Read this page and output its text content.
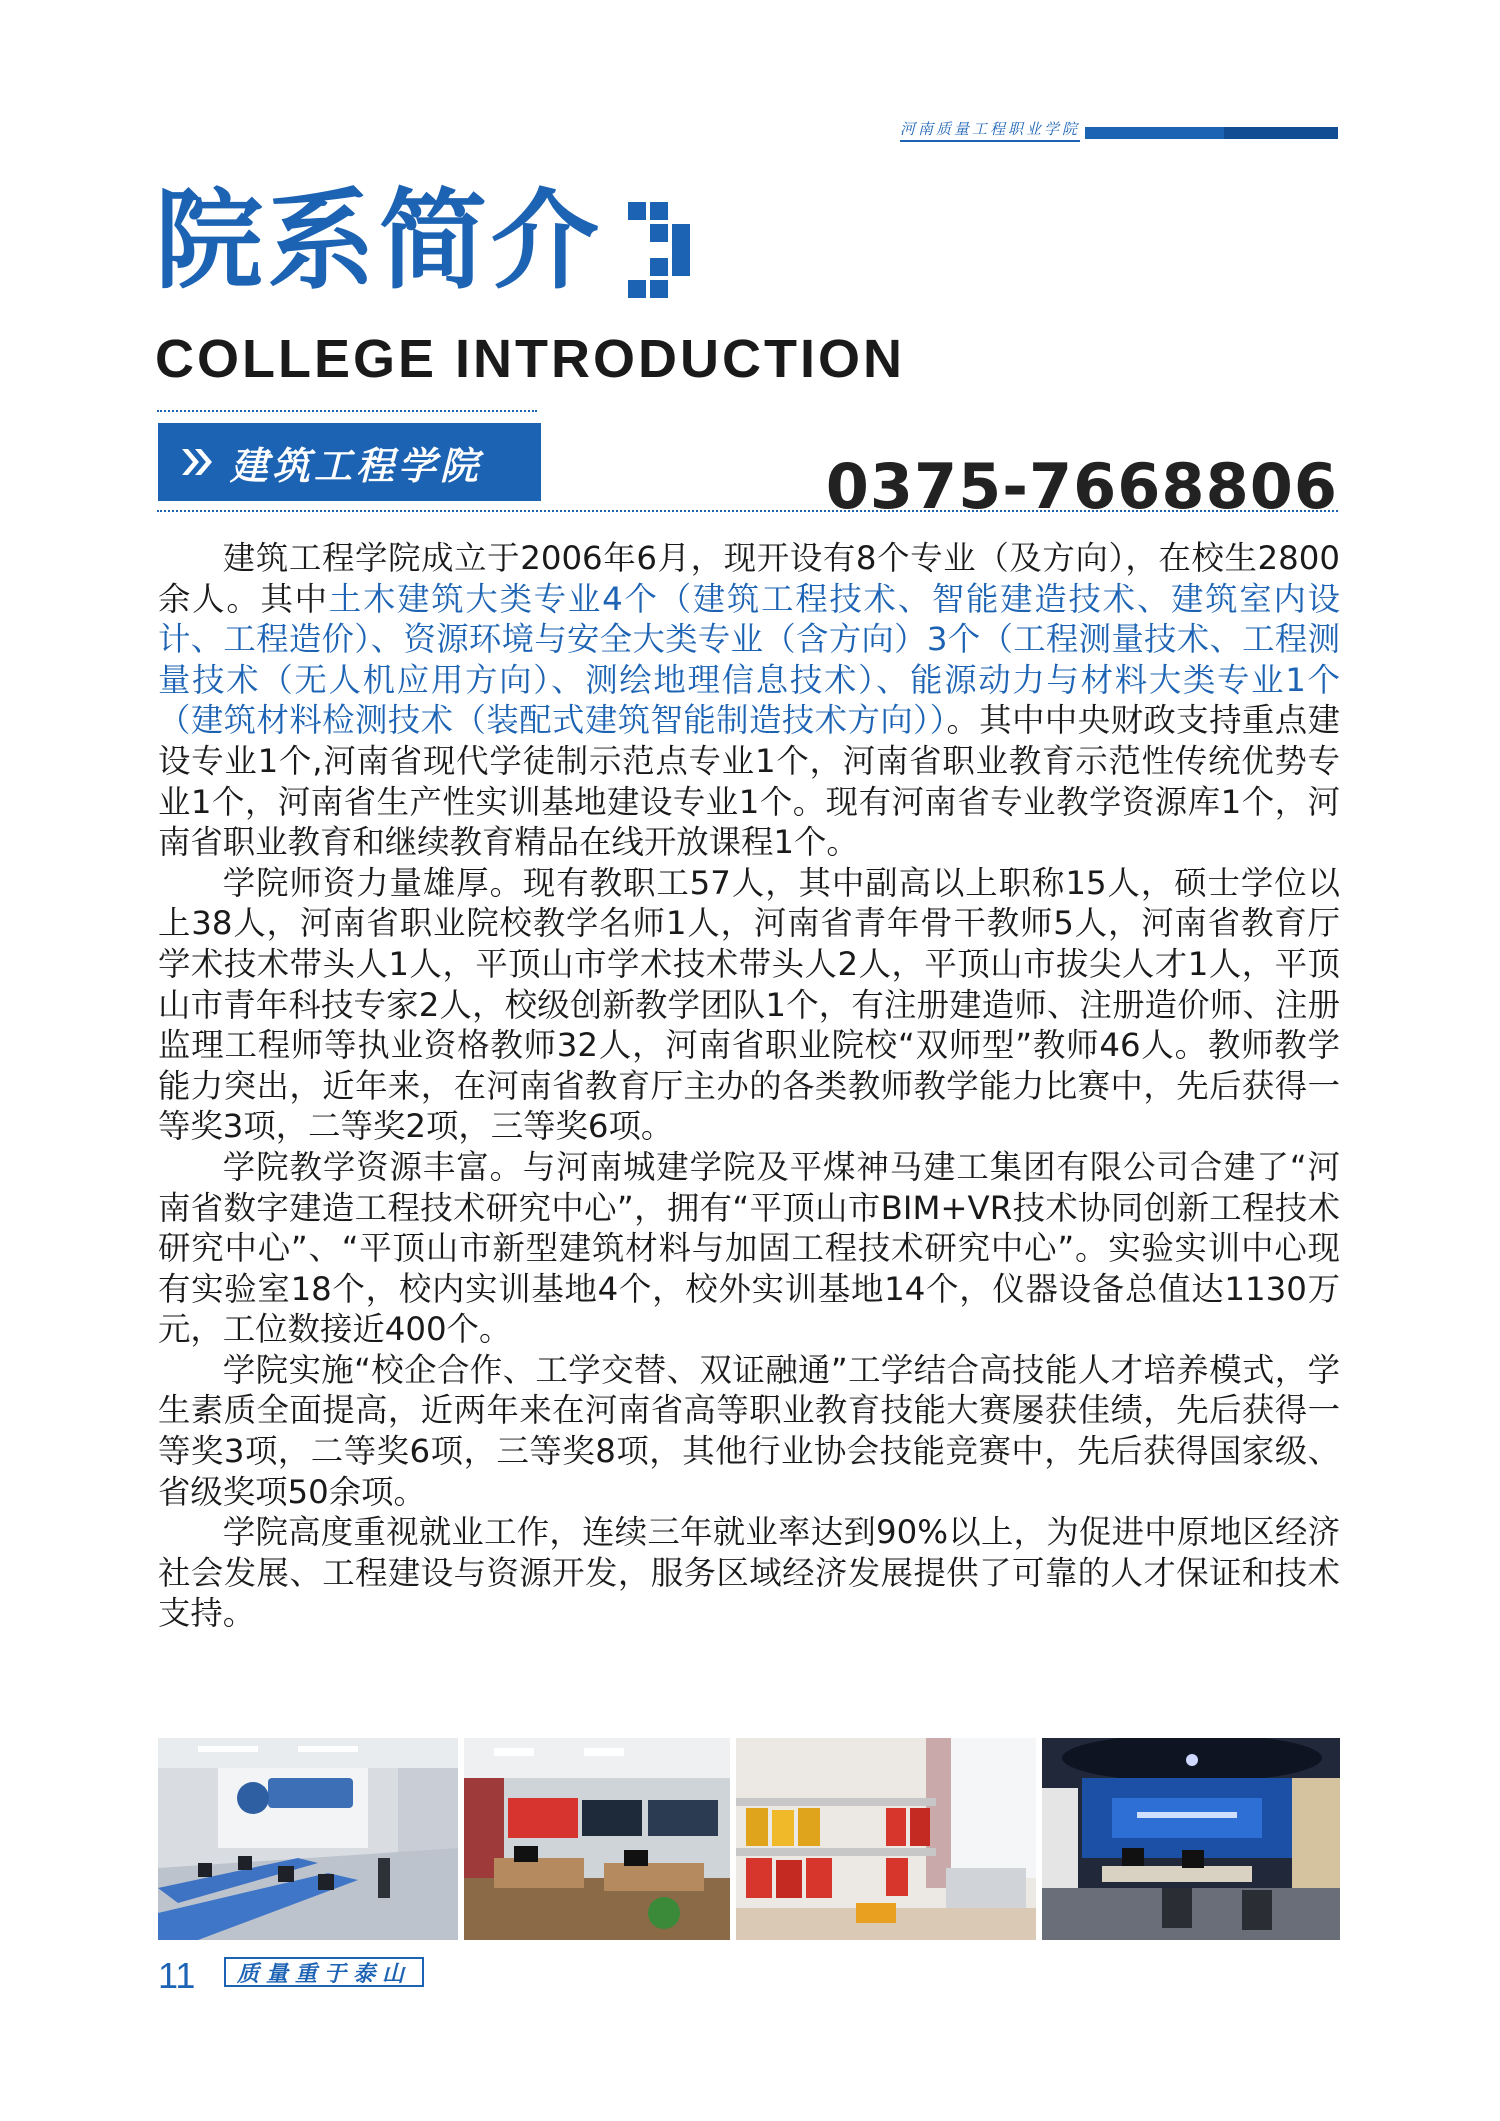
河南质量工程职业学院
院系简介
COLLEGE INTRODUCTION
建筑工程学院	0375-7668806

建筑工程学院成立于2006年6月，现开设有8个专业（及方向），在校生2800余人。其中土木建筑大类专业4个（建筑工程技术、智能建造技术、建筑室内设计、工程造价）、资源环境与安全大类专业（含方向）3个（工程测量技术、工程测量技术（无人机应用方向）、测绘地理信息技术）、能源动力与材料大类专业1个（建筑材料检测技术（装配式建筑智能制造技术方向））。其中中央财政支持重点建设专业1个,河南省现代学徒制示范点专业1个，河南省职业教育示范性传统优势专业1个，河南省生产性实训基地建设专业1个。现有河南省专业教学资源库1个，河南省职业教育和继续教育精品在线开放课程1个。

学院师资力量雄厚。现有教职工57人，其中副高以上职称15人，硕士学位以上38人，河南省职业院校教学名师1人，河南省青年骨干教师5人，河南省教育厅学术技术带头人1人，平顶山市学术技术带头人2人，平顶山市拔尖人才1人，平顶山市青年科技专家2人，校级创新教学团队1个，有注册建造师、注册造价师、注册监理工程师等执业资格教师32人，河南省职业院校“双师型”教师46人。教师教学能力突出，近年来，在河南省教育厅主办的各类教师教学能力比赛中，先后获得一等奖3项，二等奖2项，三等奖6项。

学院教学资源丰富。与河南城建学院及平煤神马建工集团有限公司合建了“河南省数字建造工程技术研究中心”，拥有“平顶山市BIM+VR技术协同创新工程技术研究中心”、“平顶山市新型建筑材料与加固工程技术研究中心”。实验实训中心现有实验室18个，校内实训基地4个，校外实训基地14个，仪器设备总值达1130万元，工位数接近400个。

学院实施“校企合作、工学交替、双证融通”工学结合高技能人才培养模式，学生素质全面提高，近两年来在河南省高等职业教育技能大赛屡获佳绩，先后获得一等奖3项，二等奖6项，三等奖8项，其他行业协会技能竞赛中，先后获得国家级、省级奖项50余项。

学院高度重视就业工作，连续三年就业率达到90%以上，为促进中原地区经济社会发展、工程建设与资源开发，服务区域经济发展提供了可靠的人才保证和技术支持。

11	质量重于泰山
